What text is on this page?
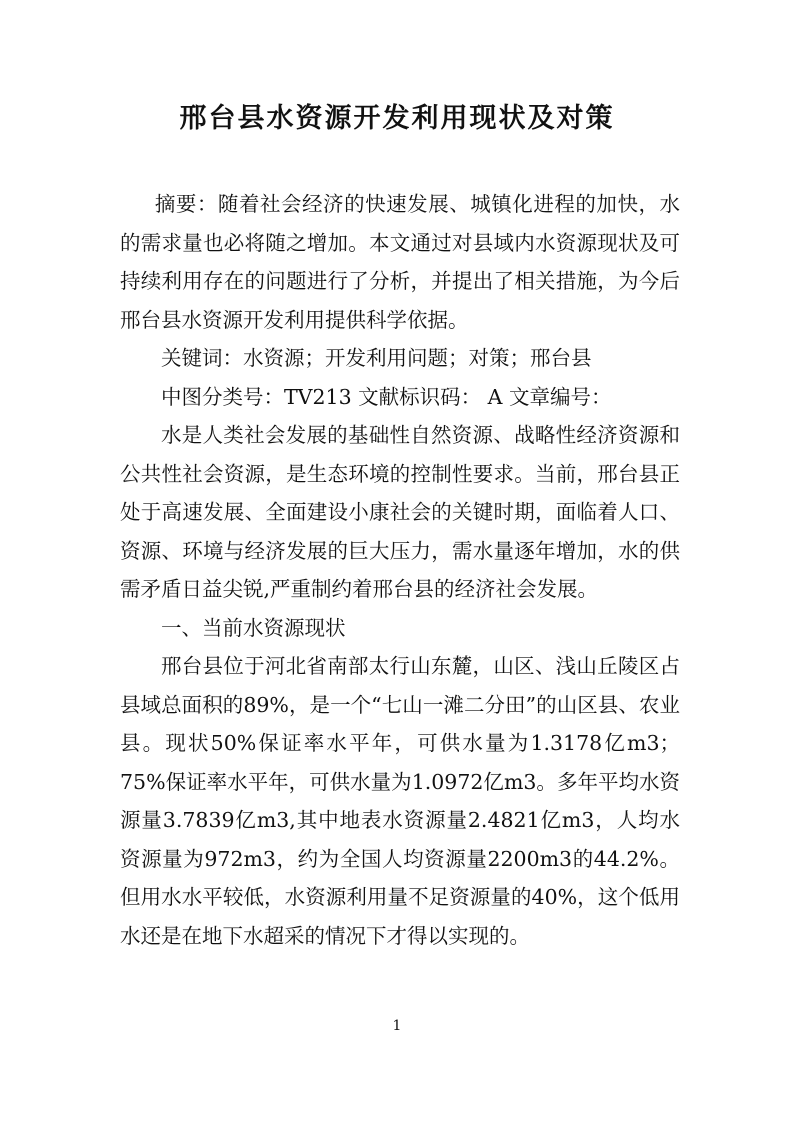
邢台县水资源开发利用现状及对策

摘要：随着社会经济的快速发展、城镇化进程的加快，水的需求量也必将随之增加。本文通过对县域内水资源现状及可持续利用存在的问题进行了分析，并提出了相关措施，为今后邢台县水资源开发利用提供科学依据。

关键词：水资源；开发利用问题；对策；邢台县

中图分类号：TV213 文献标识码： A 文章编号：

水是人类社会发展的基础性自然资源、战略性经济资源和公共性社会资源，是生态环境的控制性要求。当前，邢台县正处于高速发展、全面建设小康社会的关键时期，面临着人口、资源、环境与经济发展的巨大压力，需水量逐年增加，水的供需矛盾日益尖锐,严重制约着邢台县的经济社会发展。

一、当前水资源现状

邢台县位于河北省南部太行山东麓，山区、浅山丘陵区占县域总面积的89%，是一个“七山一滩二分田”的山区县、农业县。现状50%保证率水平年，可供水量为1.3178亿m3；75%保证率水平年，可供水量为1.0972亿m3。多年平均水资源量3.7839亿m3,其中地表水资源量2.4821亿m3，人均水资源量为972m3，约为全国人均资源量2200m3的44.2%。但用水水平较低，水资源利用量不足资源量的40%，这个低用水还是在地下水超采的情况下才得以实现的。

1
